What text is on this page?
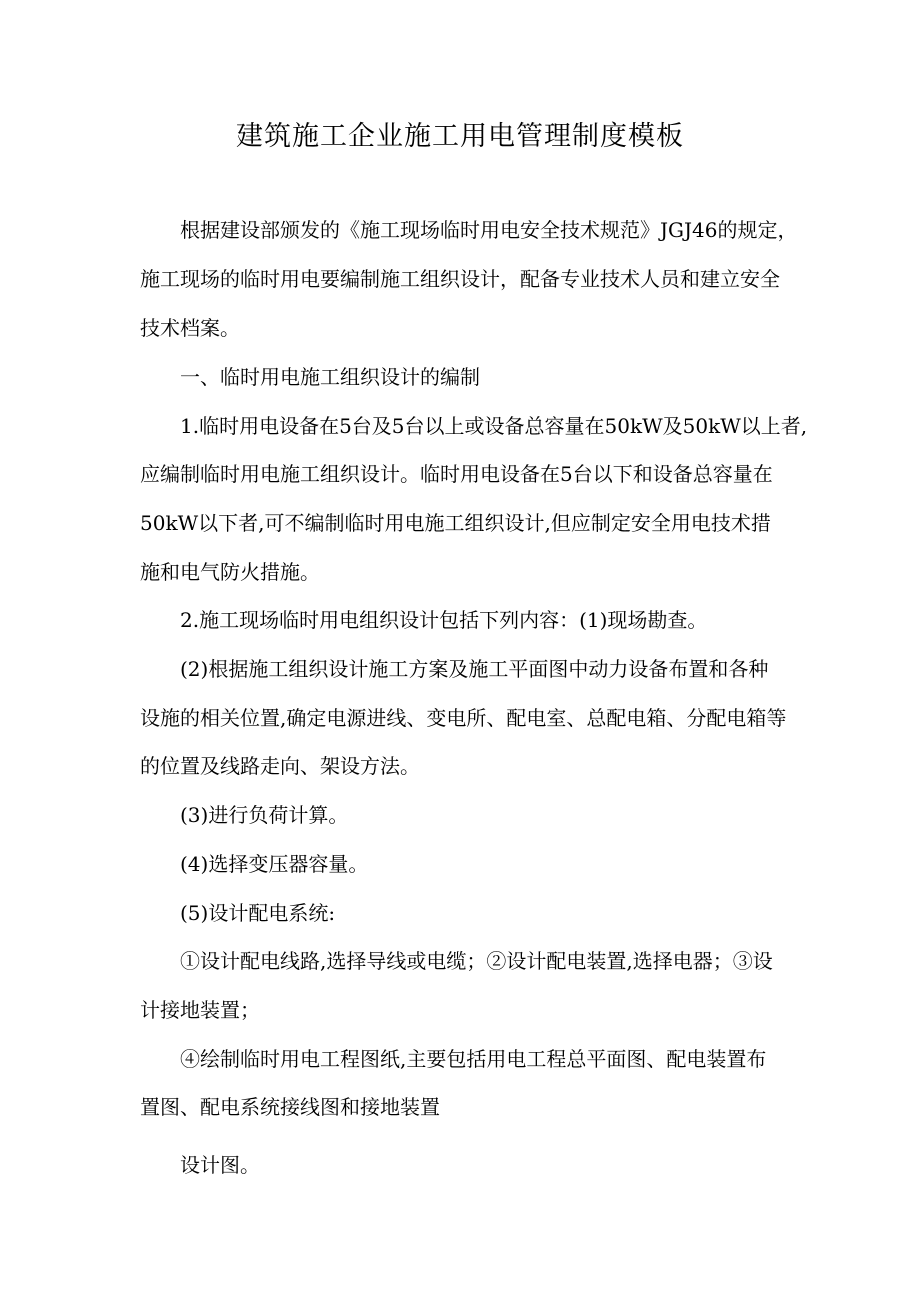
建筑施工企业施工用电管理制度模板
根据建设部颁发的《施工现场临时用电安全技术规范》JGJ46的规定，
施工现场的临时用电要编制施工组织设计，配备专业技术人员和建立安全
技术档案。
一、临时用电施工组织设计的编制
1.临时用电设备在5台及5台以上或设备总容量在50kW及50kW以上者,
应编制临时用电施工组织设计。临时用电设备在5台以下和设备总容量在
50kW以下者,可不编制临时用电施工组织设计,但应制定安全用电技术措
施和电气防火措施。
2.施工现场临时用电组织设计包括下列内容：(1)现场勘查。
(2)根据施工组织设计施工方案及施工平面图中动力设备布置和各种
设施的相关位置,确定电源进线、变电所、配电室、总配电箱、分配电箱等
的位置及线路走向、架设方法。
(3)进行负荷计算。
(4)选择变压器容量。
(5)设计配电系统:
①设计配电线路,选择导线或电缆；②设计配电装置,选择电器；③设
计接地装置；
④绘制临时用电工程图纸,主要包括用电工程总平面图、配电装置布
置图、配电系统接线图和接地装置
设计图。
